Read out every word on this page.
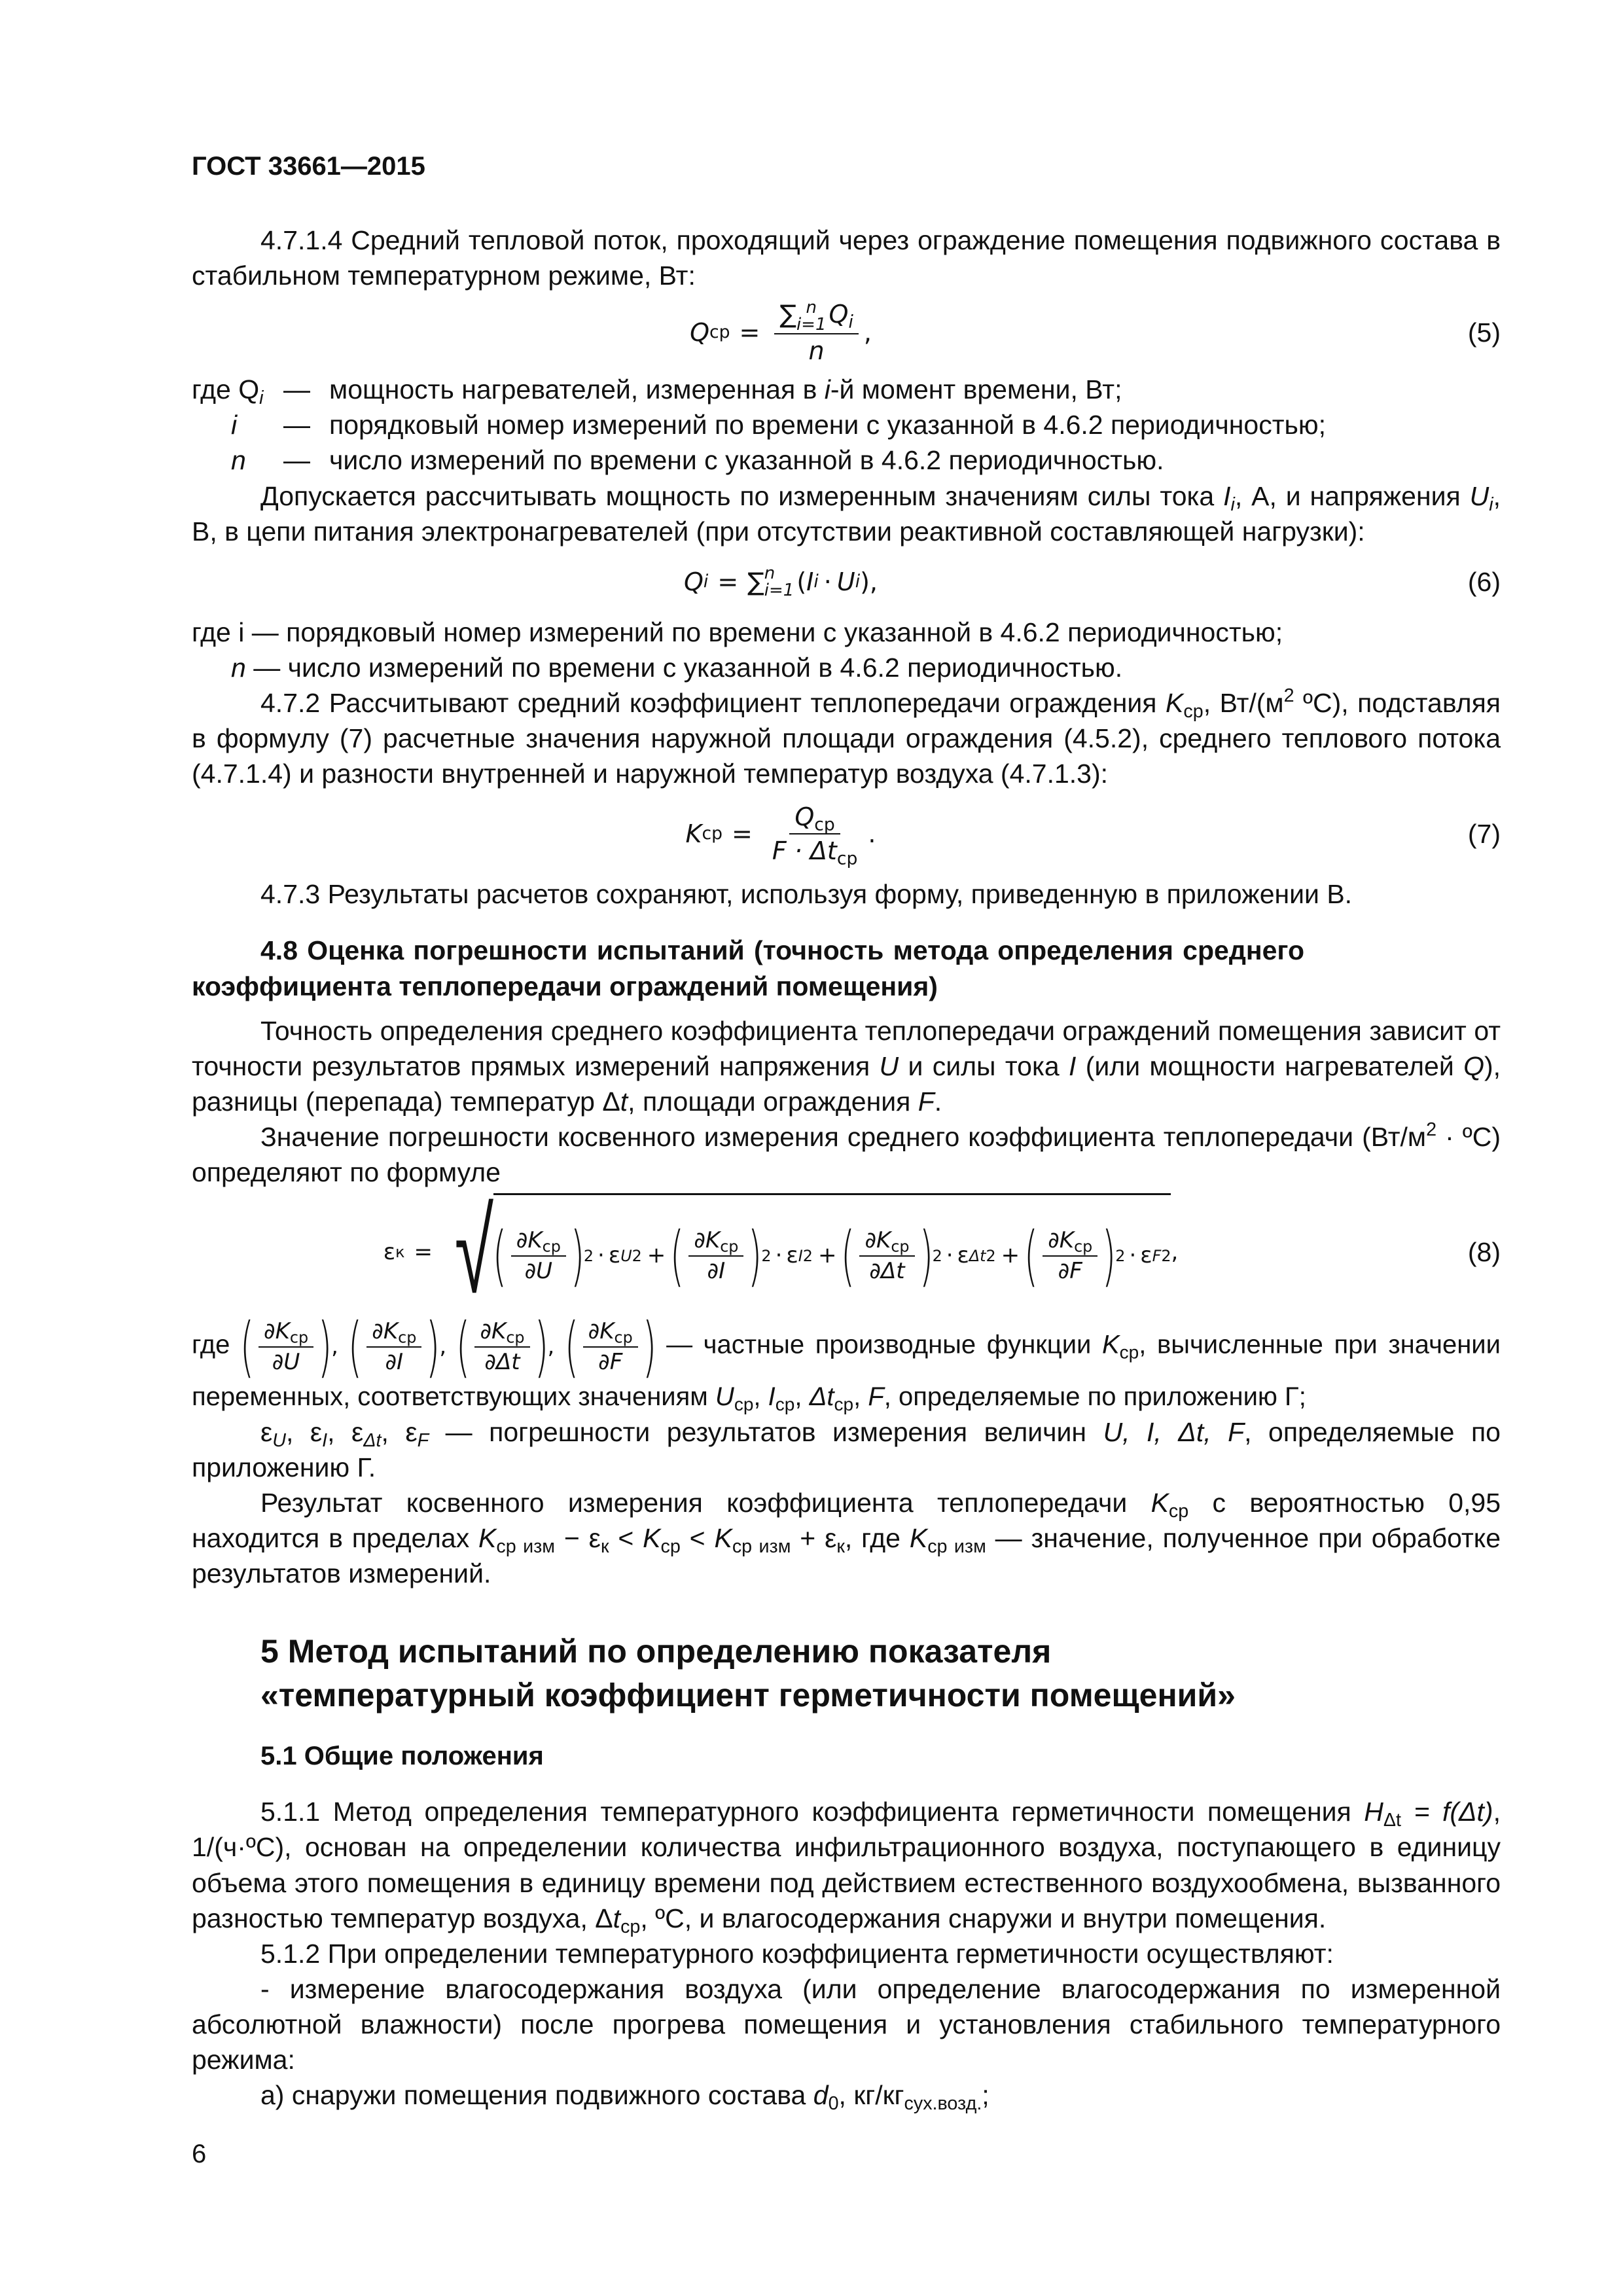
ГОСТ 33661—2015

4.7.1.4 Средний тепловой поток, проходящий через ограждение помещения подвижного состава в стабильном температурном режиме, Вт:

Q ср = ∑ n
i=1 $Q_i$
n ,	(5)
где $Q_i$ — мощность нагревателей, измеренная в i-й момент времени, Вт;
i	— порядковый номер измерений по времени с указанной в 4.6.2 периодичностью;
n	— число измерений по времени с указанной в 4.6.2 периодичностью.

Допускается рассчитывать мощность по измеренным значениям силы тока $I_i$, А, и напряжения $U_i$, В, в цепи питания электронагревателей (при отсутствии реактивной составляющей нагрузки):

Q i = ∑ n
i=1 ( I i · U i ),	(6)

где i — порядковый номер измерений по времени с указанной в 4.6.2 периодичностью;

n — число измерений по времени с указанной в 4.6.2 периодичностью.

4.7.2 Рассчитывают средний коэффициент теплопередачи ограждения $K_{ср}$, $Вт/(м^2$ ºС), подставляя в формулу (7) расчетные значения наружной площади ограждения (4.5.2), среднего теплового потока (4.7.1.4) и разности внутренней и наружной температур воздуха (4.7.1.3):

K ср = $\frac{Q_{ср}}{F \cdot \Delta t_{ср}}$ .	(7)

4.7.3 Результаты расчетов сохраняют, используя форму, приведенную в приложении В.

4.8 Оценка погрешности испытаний (точность метода определения среднего коэффициента теплопередачи ограждений помещения)

Точность определения среднего коэффициента теплопередачи ограждений помещения зависит от точности результатов прямых измерений напряжения U и силы тока I (или мощности нагревателей Q), разницы (перепада) температур Δt, площади ограждения F.

Значение погрешности косвенного измерения среднего коэффициента теплопередачи ($Вт/м^2$ · ºС) определяют по формуле

ε к = √
( $\frac{\partial K_{ср}}{\partial U}$ )
2 · ε U 2 + ( $\frac{\partial K_{ср}}{\partial I}$ )
2 · ε I 2 + ( $\frac{\partial K_{ср}}{\partial\Delta t}$ )
2 · ε Δt 2 + ( $\frac{\partial K_{ср}}{\partial F}$ )
2 · ε F 2 ,	(8)

где ( $\frac{\partial K_{ср}}{\partial U}$ ), ( $\frac{\partial K_{ср}}{\partial I}$ ), ( $\frac{\partial K_{ср}}{\partial\Delta t}$ ), ( $\frac{\partial K_{ср}}{\partial F}$ ) — частные производные функции $K_{ср}$, вычисленные при значении переменных, соответствующих значениям $U_{ср}$, $I_{ср}$, $\Delta t_{ср}$, F, определяемые по приложению Г;

$\varepsilon_U$, $\varepsilon_I$, $\varepsilon_{\Delta t}$, $\varepsilon_F$ — погрешности результатов измерения величин U, I, Δt, F, определяемые по приложению Г.

Результат косвенного измерения коэффициента теплопередачи $K_{ср}$ с вероятностью 0,95 находится в пределах $K_{ср изм} - \varepsilon_к < K_{ср} < K_{ср изм} + \varepsilon_к$, где $K_{ср изм}$ — значение, полученное при обработке результатов измерений.

5 Метод испытаний по определению показателя «температурный коэффициент герметичности помещений»
5.1 Общие положения

5.1.1 Метод определения температурного коэффициента герметичности помещения $H_{\Delta t} = f(\Delta t)$, 1/(ч·ºС), основан на определении количества инфильтрационного воздуха, поступающего в единицу объема этого помещения в единицу времени под действием естественного воздухообмена, вызванного разностью температур воздуха, $\Delta t_{ср}$, ºС, и влагосодержания снаружи и внутри помещения.

5.1.2 При определении температурного коэффициента герметичности осуществляют:

- измерение влагосодержания воздуха (или определение влагосодержания по измеренной абсолютной влажности) после прогрева помещения и установления стабильного температурного режима:

а) снаружи помещения подвижного состава $d_0$, $кг/кг_{сух.возд.}$;

6
